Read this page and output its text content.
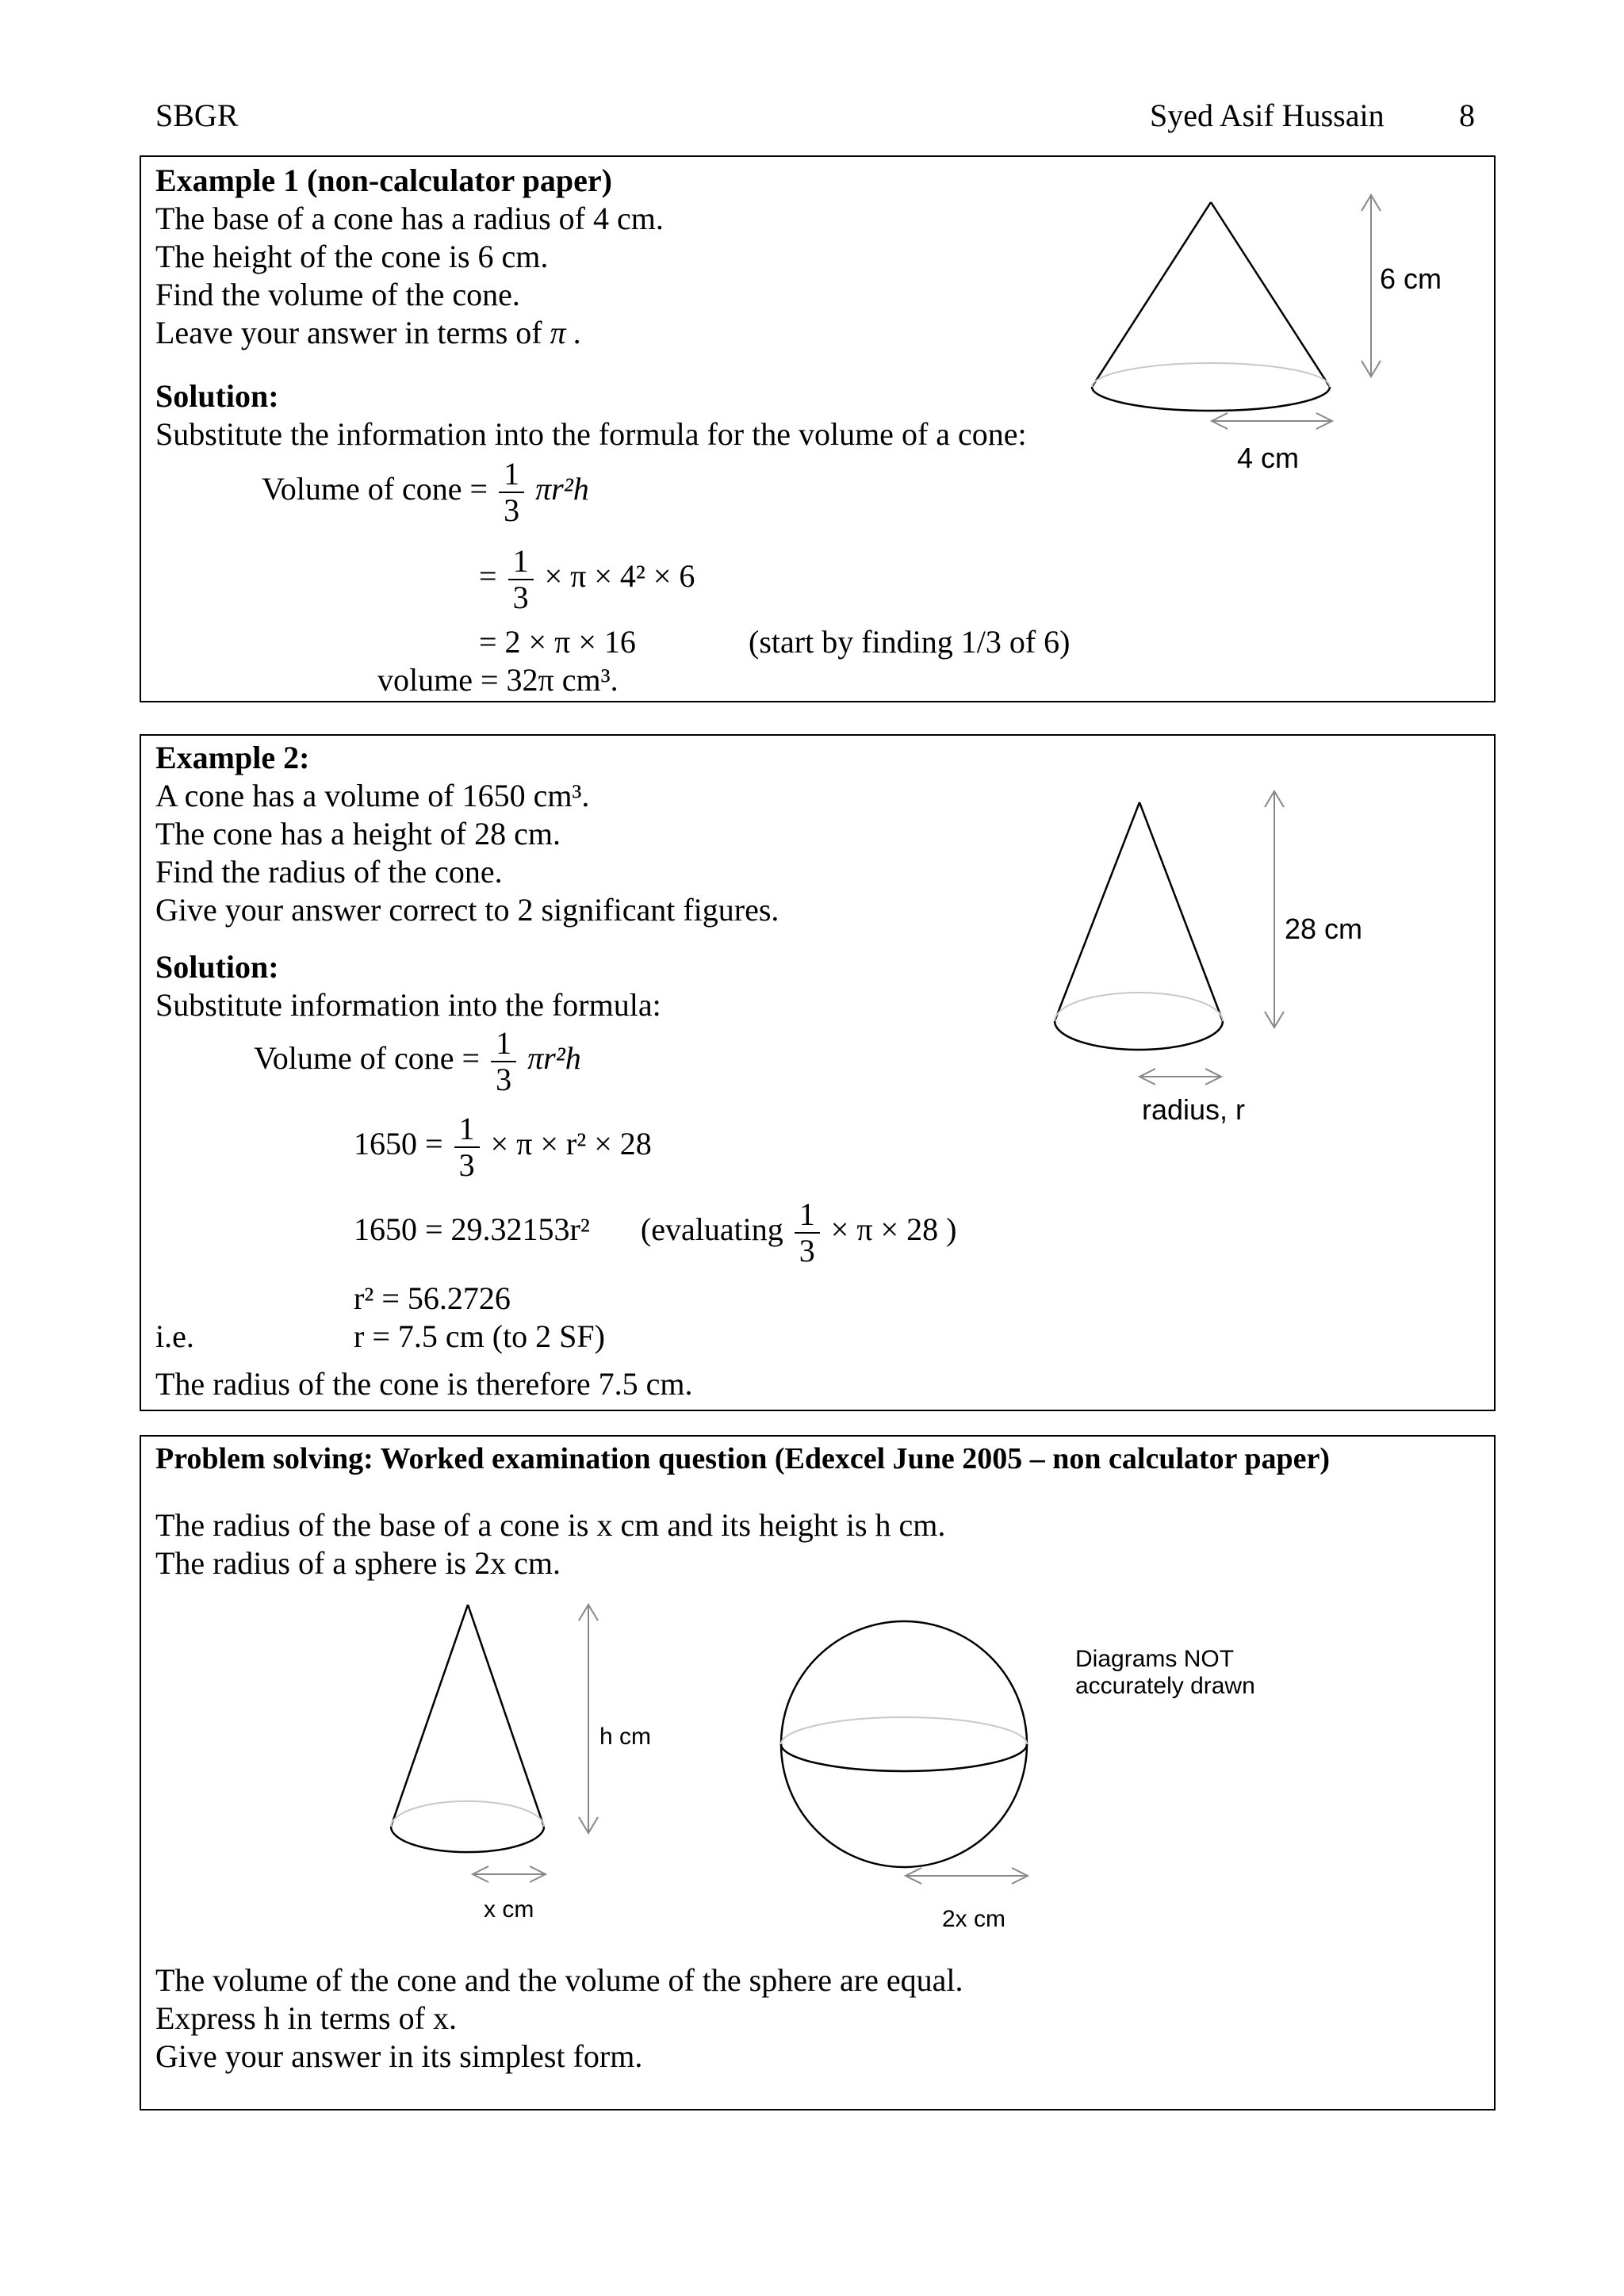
SBGR	Syed Asif Hussain 8
Example 1 (non-calculator paper)
The base of a cone has a radius of 4 cm.
The height of the cone is 6 cm.
Find the volume of the cone.
Leave your answer in terms of π .
Solution:
Substitute the information into the formula for the volume of a cone:
Volume of cone = $\frac{1}{3} \pi r^2h$
= $\frac{1}{3} \times \pi \times 4^2 \times 6$
= 2 × π × 16	(start by finding 1/3 of 6)
volume = 32π cm³.
6 cm
4 cm
Example 2:
A cone has a volume of 1650 cm³.
The cone has a height of 28 cm.
Find the radius of the cone.
Give your answer correct to 2 significant figures.
Solution:
Substitute information into the formula:
Volume of cone = $\frac{1}{3} \pi r^2h$
$1650 = \frac{1}{3} \times \pi \times r^2 \times 28$
1650 = 29.32153r² (evaluating $\frac{1}{3} \times \pi \times 28$ )
r² = 56.2726
i.e.	r = 7.5 cm (to 2 SF)
The radius of the cone is therefore 7.5 cm.
28 cm
radius, r
Problem solving: Worked examination question (Edexcel June 2005 – non calculator paper)
The radius of the base of a cone is x cm and its height is h cm.
The radius of a sphere is 2x cm.
h cm
x cm	2x cm
Diagrams NOT
accurately drawn
The volume of the cone and the volume of the sphere are equal.
Express h in terms of x.
Give your answer in its simplest form.
